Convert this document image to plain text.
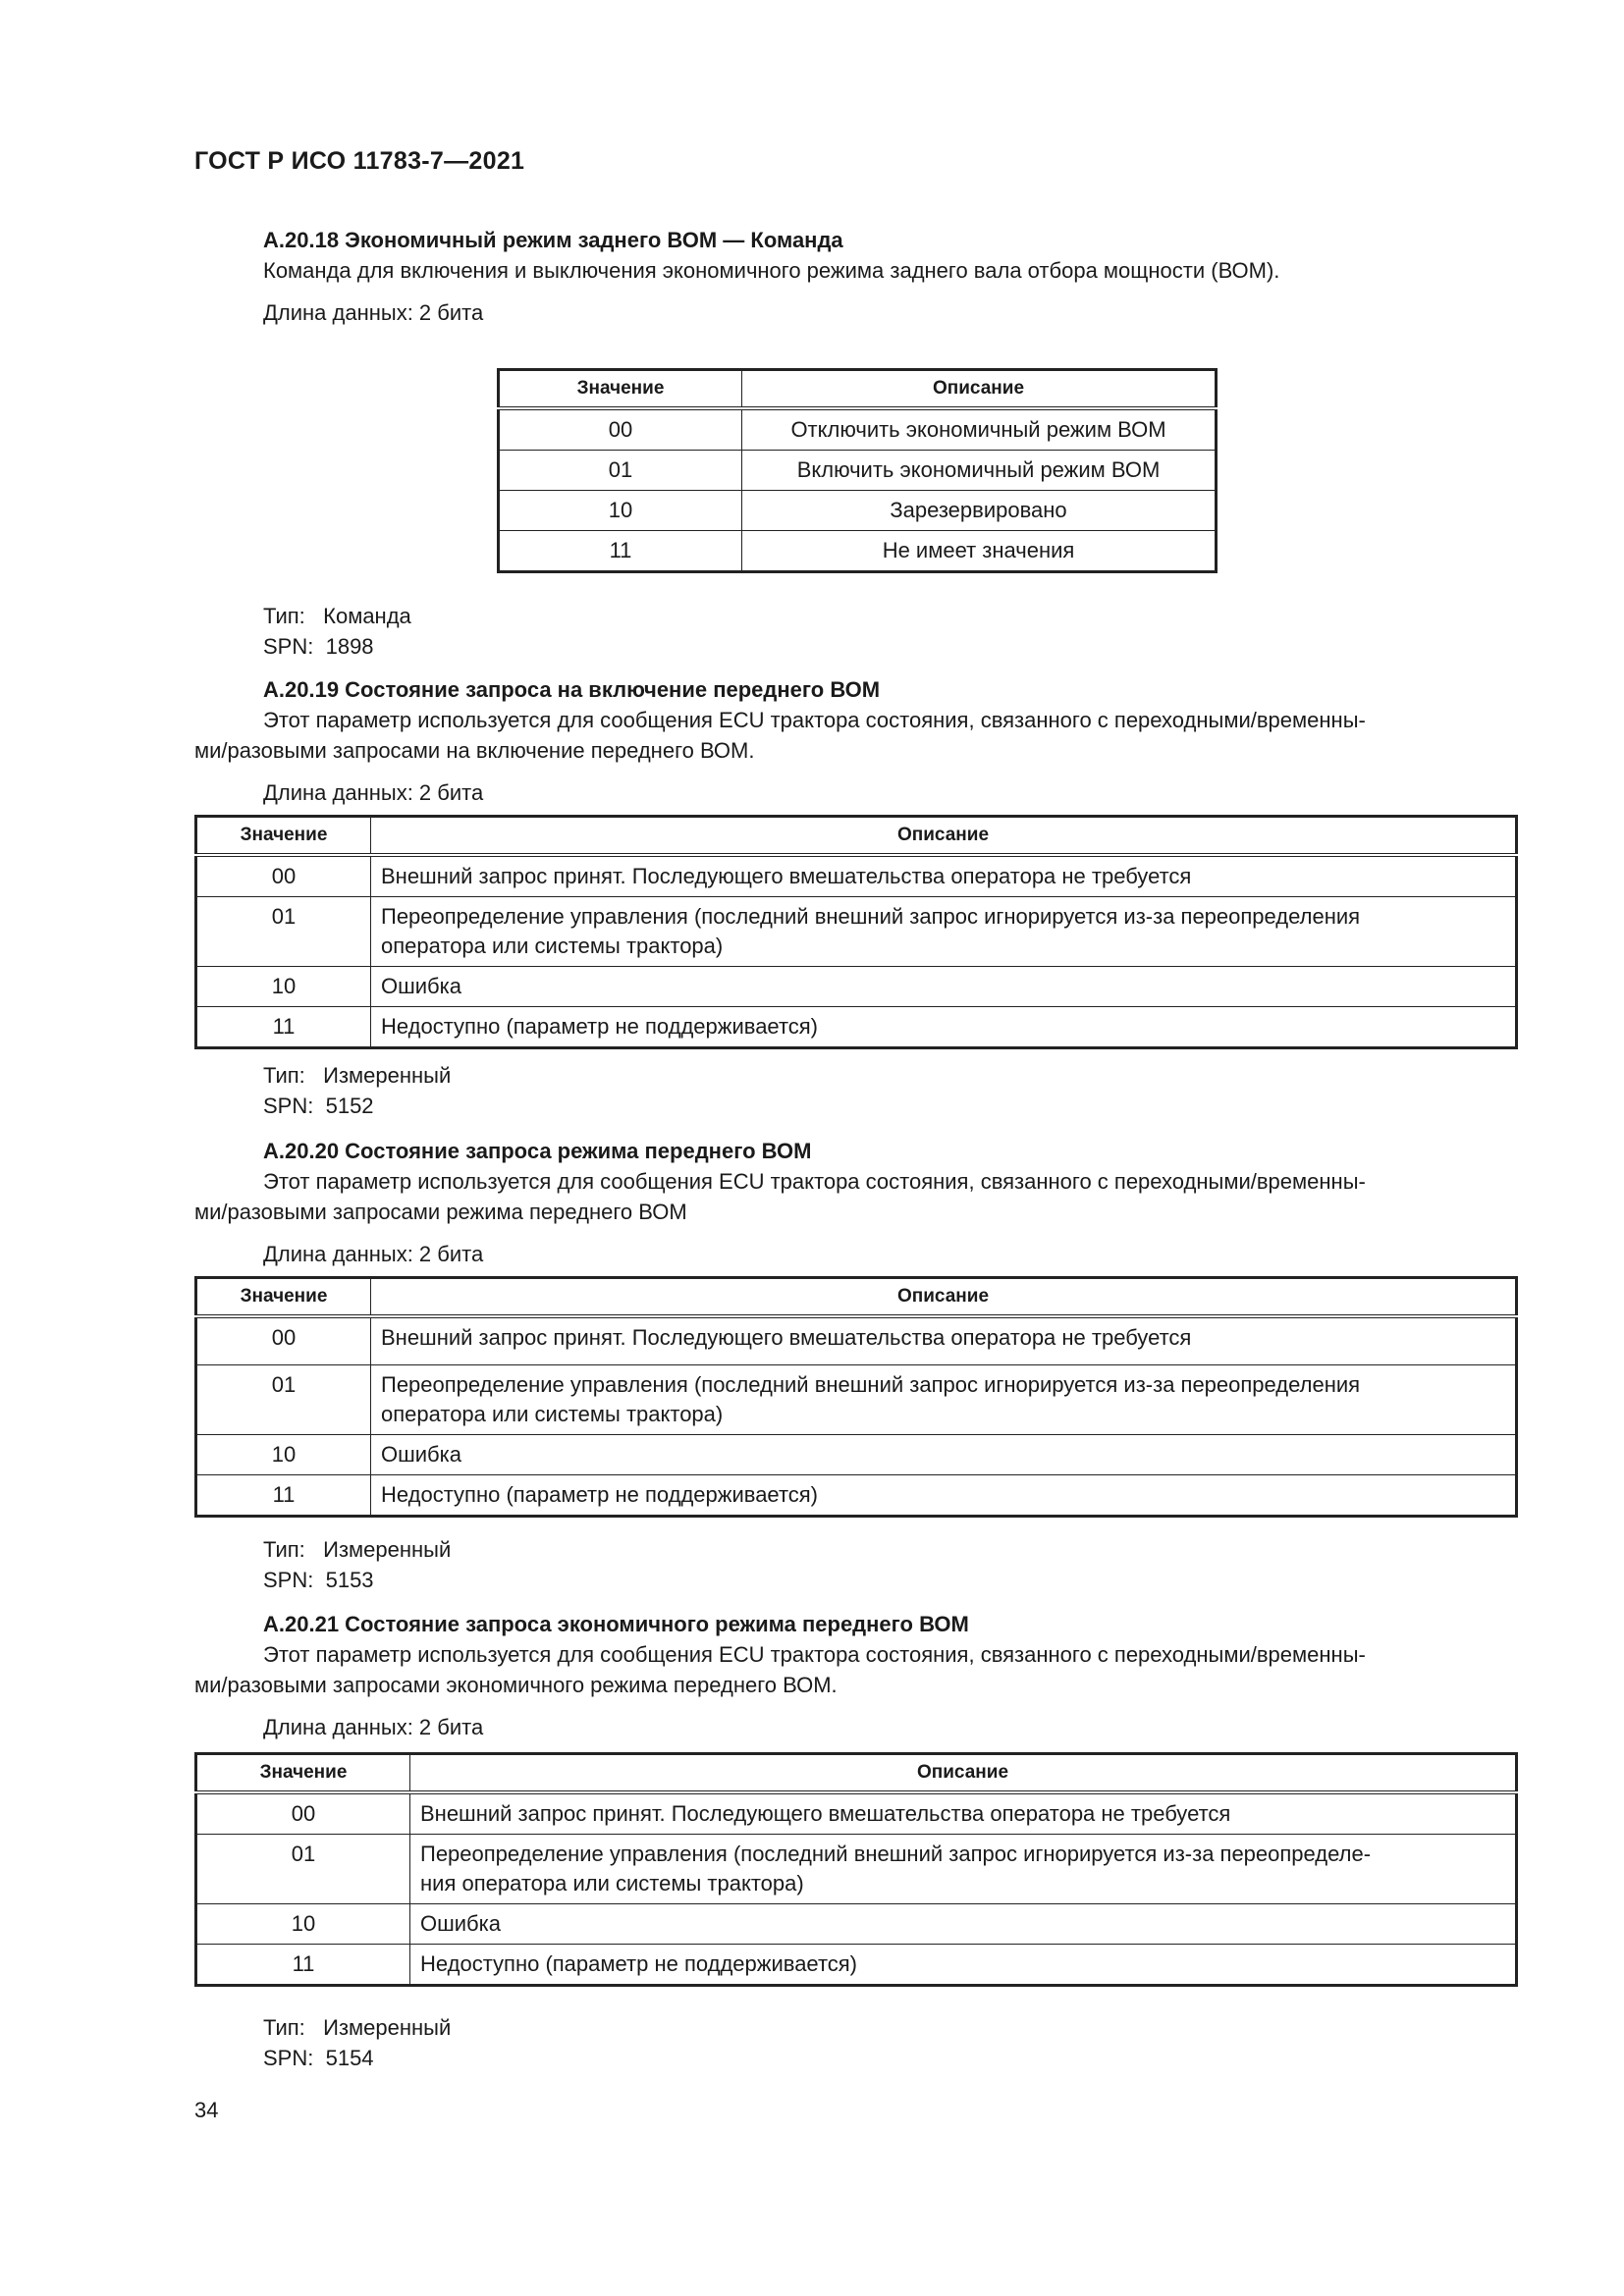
ГОСТ Р ИСО 11783-7—2021

А.20.18 Экономичный режим заднего ВОМ — Команда

Команда для включения и выключения экономичного режима заднего вала отбора мощности (ВОМ).

Длина данных: 2 бита

Значение	Описание
00	Отключить экономичный режим ВОМ
01	Включить экономичный режим ВОМ
10	Зарезервировано
11	Не имеет значения
Тип: Команда
SPN: 1898

А.20.19 Состояние запроса на включение переднего ВОМ

Этот параметр используется для сообщения ECU трактора состояния, связанного с переходными/временны-

ми/разовыми запросами на включение переднего ВОМ.

Длина данных: 2 бита

Значение	Описание
00	Внешний запрос принят. Последующего вмешательства оператора не требуется
01	Переопределение управления (последний внешний запрос игнорируется из-за переопределения
оператора или системы трактора)

10	Ошибка
11	Недоступно (параметр не поддерживается)
Тип: Измеренный
SPN: 5152

А.20.20 Состояние запроса режима переднего ВОМ

Этот параметр используется для сообщения ECU трактора состояния, связанного с переходными/временны-

ми/разовыми запросами режима переднего ВОМ

Длина данных: 2 бита

Значение	Описание
00	Внешний запрос принят. Последующего вмешательства оператора не требуется
01	Переопределение управления (последний внешний запрос игнорируется из-за переопределения
оператора или системы трактора)

10	Ошибка
11	Недоступно (параметр не поддерживается)
Тип: Измеренный
SPN: 5153

А.20.21 Состояние запроса экономичного режима переднего ВОМ

Этот параметр используется для сообщения ECU трактора состояния, связанного с переходными/временны-

ми/разовыми запросами экономичного режима переднего ВОМ.

Длина данных: 2 бита

Значение	Описание
00	Внешний запрос принят. Последующего вмешательства оператора не требуется
01	Переопределение управления (последний внешний запрос игнорируется из-за переопределе-
ния оператора или системы трактора)

10	Ошибка
11	Недоступно (параметр не поддерживается)
Тип: Измеренный
SPN: 5154
34
